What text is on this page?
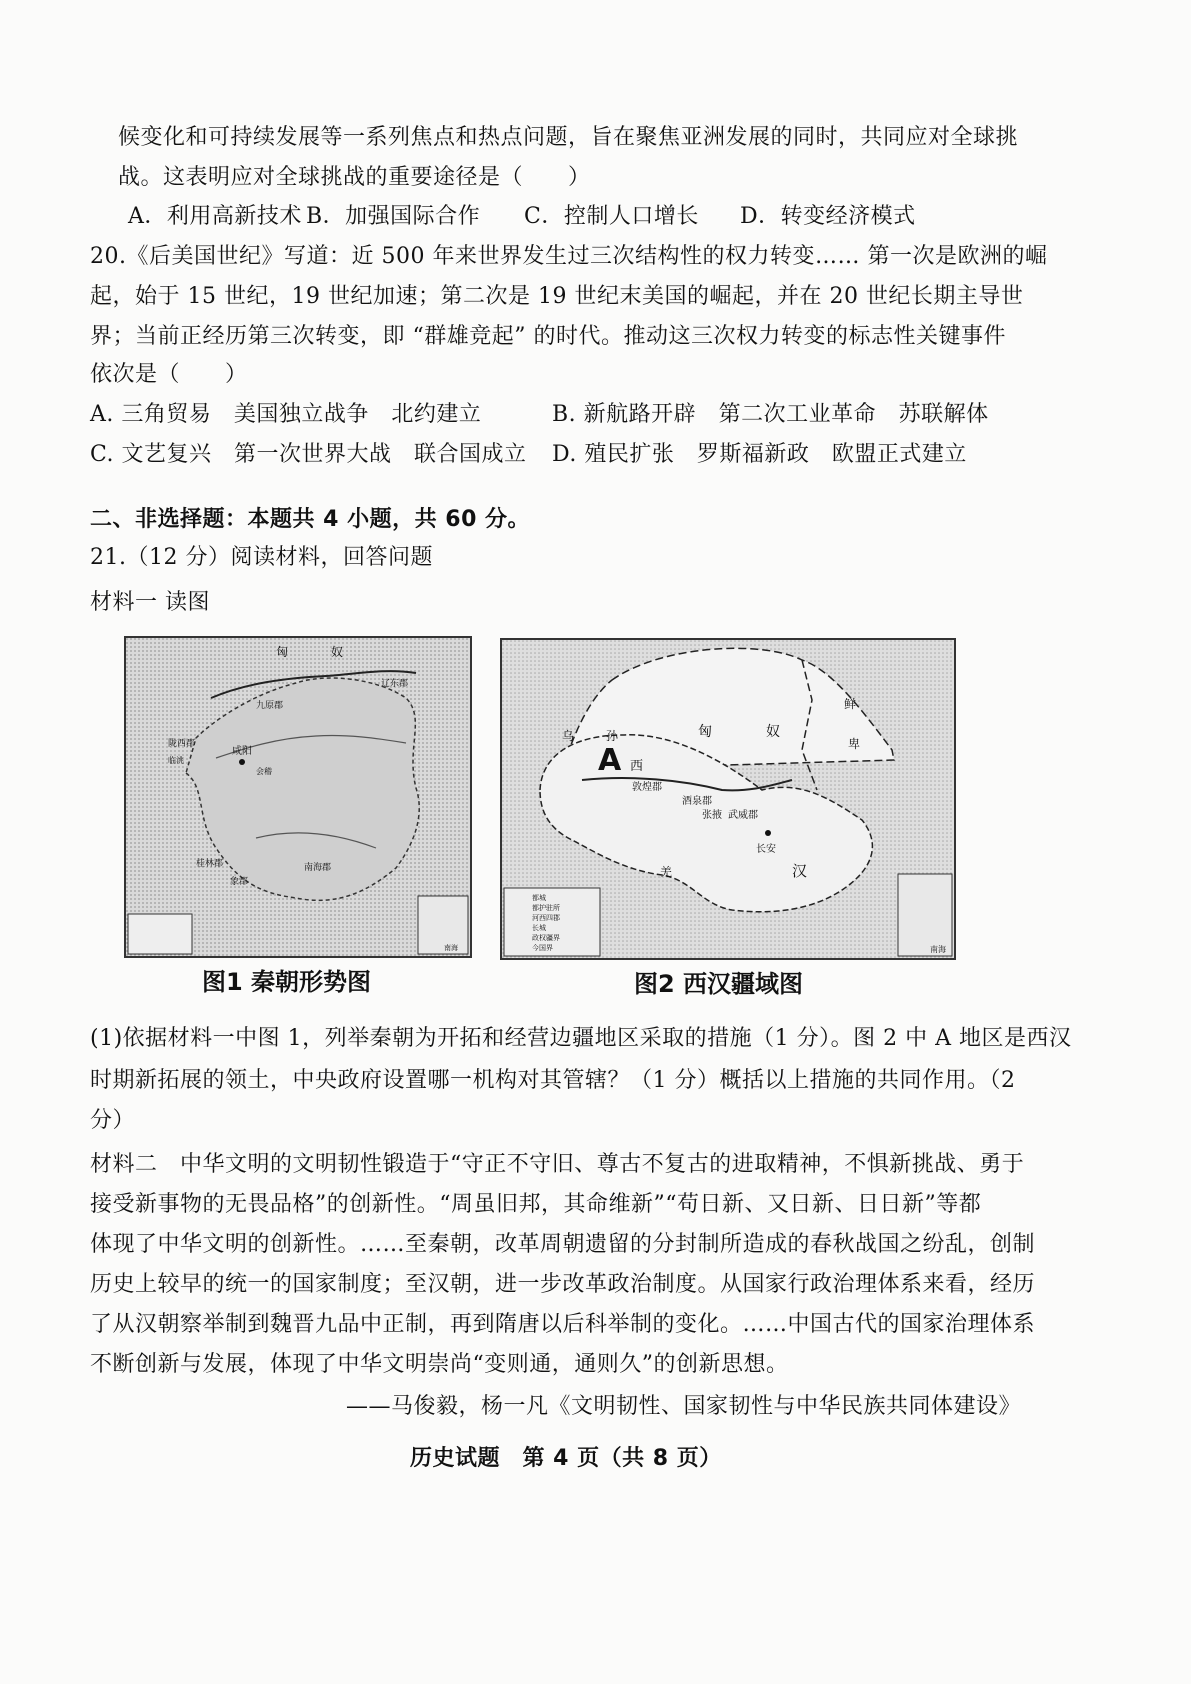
候变化和可持续发展等一系列焦点和热点问题，旨在聚焦亚洲发展的同时，共同应对全球挑
战。这表明应对全球挑战的重要途径是（　　）
A．利用高新技术 B．加强国际合作 C．控制人口增长 D．转变经济模式
20.《后美国世纪》写道：近 500 年来世界发生过三次结构性的权力转变…… 第一次是欧洲的崛
起，始于 15 世纪，19 世纪加速；第二次是 19 世纪末美国的崛起，并在 20 世纪长期主导世
界；当前正经历第三次转变，即 “群雄竞起” 的时代。推动这三次权力转变的标志性关键事件
依次是（　　）
A. 三角贸易　美国独立战争　北约建立	B. 新航路开辟　第二次工业革命　苏联解体
C. 文艺复兴　第一次世界大战　联合国成立 D. 殖民扩张　罗斯福新政　欧盟正式建立
二、非选择题：本题共 4 小题，共 60 分。
21.（12 分）阅读材料，回答问题
材料一 读图
匈	奴
辽东郡
九原郡
陇西郡
咸阳
临洮
会稽
桂林郡	南海郡
象郡
南海
图1 秦朝形势图
A 西
匈	奴
鲜
卑
乌	孙
敦煌郡
酒泉郡
张掖 武威郡
长安
汉
羌
南海
都城
都护驻所
河西四郡
长城
政权疆界
今国界
图2 西汉疆域图
(1)依据材料一中图 1，列举秦朝为开拓和经营边疆地区采取的措施（1 分）。图 2 中 A 地区是西汉
时期新拓展的领土，中央政府设置哪一机构对其管辖？（1 分）概括以上措施的共同作用。（2
分）
材料二　中华文明的文明韧性锻造于“守正不守旧、尊古不复古的进取精神，不惧新挑战、勇于
接受新事物的无畏品格”的创新性。“周虽旧邦，其命维新”“苟日新、又日新、日日新”等都
体现了中华文明的创新性。……至秦朝，改革周朝遗留的分封制所造成的春秋战国之纷乱，创制
历史上较早的统一的国家制度；至汉朝，进一步改革政治制度。从国家行政治理体系来看，经历
了从汉朝察举制到魏晋九品中正制，再到隋唐以后科举制的变化。……中国古代的国家治理体系
不断创新与发展，体现了中华文明崇尚“变则通，通则久”的创新思想。
——马俊毅，杨一凡《文明韧性、国家韧性与中华民族共同体建设》
历史试题　第 4 页（共 8 页）
